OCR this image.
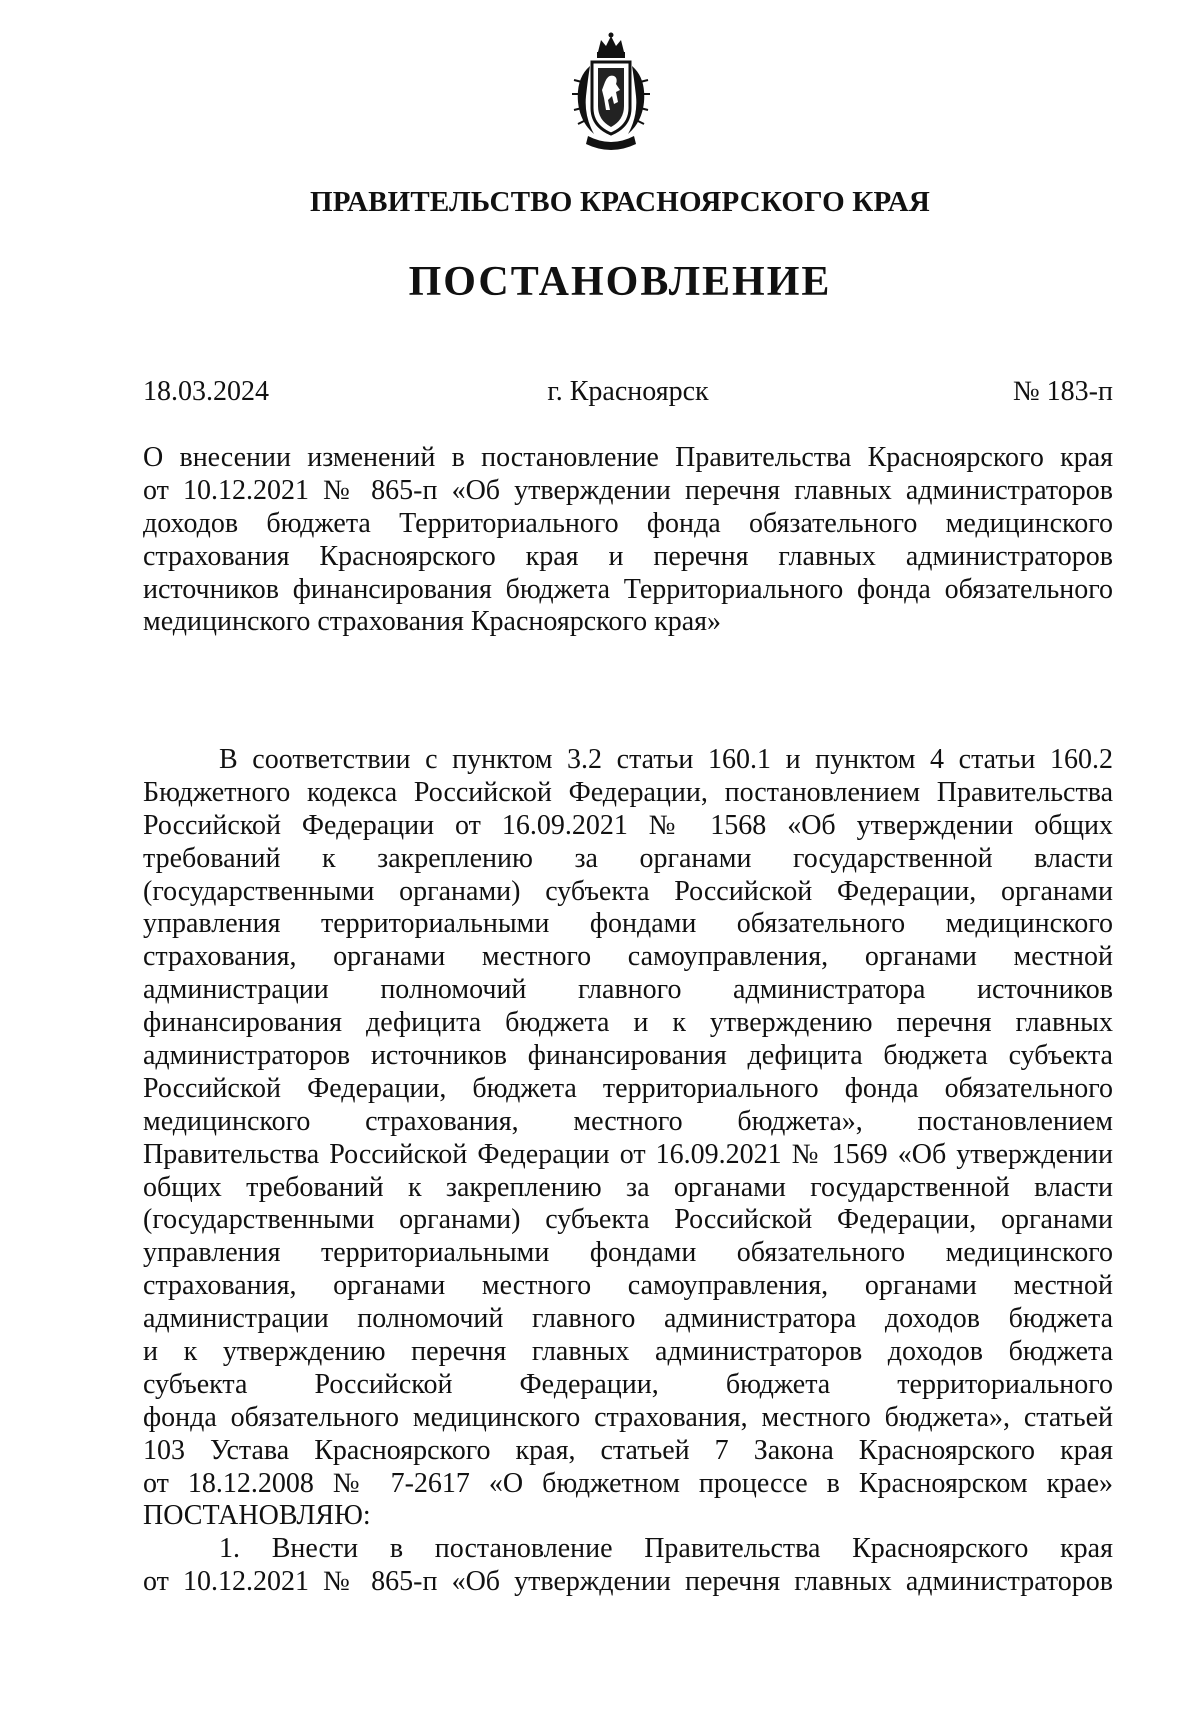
ПРАВИТЕЛЬСТВО КРАСНОЯРСКОГО КРАЯ
ПОСТАНОВЛЕНИЕ
18.03.2024	г. Красноярск	№ 183-п
О внесении изменений в постановление Правительства Красноярского края
от 10.12.2021 № 865-п «Об утверждении перечня главных администраторов
доходов бюджета Территориального фонда обязательного медицинского
страхования Красноярского края и перечня главных администраторов
источников финансирования бюджета Территориального фонда обязательного
медицинского страхования Красноярского края»
В соответствии с пунктом 3.2 статьи 160.1 и пунктом 4 статьи 160.2
Бюджетного кодекса Российской Федерации, постановлением Правительства
Российской Федерации от 16.09.2021 № 1568 «Об утверждении общих
требований к закреплению за органами государственной власти
(государственными органами) субъекта Российской Федерации, органами
управления территориальными фондами обязательного медицинского
страхования, органами местного самоуправления, органами местной
администрации полномочий главного администратора источников
финансирования дефицита бюджета и к утверждению перечня главных
администраторов источников финансирования дефицита бюджета субъекта
Российской Федерации, бюджета территориального фонда обязательного
медицинского страхования, местного бюджета», постановлением
Правительства Российской Федерации от 16.09.2021 № 1569 «Об утверждении
общих требований к закреплению за органами государственной власти
(государственными органами) субъекта Российской Федерации, органами
управления территориальными фондами обязательного медицинского
страхования, органами местного самоуправления, органами местной
администрации полномочий главного администратора доходов бюджета
и к утверждению перечня главных администраторов доходов бюджета
субъекта Российской Федерации, бюджета территориального
фонда обязательного медицинского страхования, местного бюджета», статьей
103 Устава Красноярского края, статьей 7 Закона Красноярского края
от 18.12.2008 № 7-2617 «О бюджетном процессе в Красноярском крае»
ПОСТАНОВЛЯЮ:
1. Внести в постановление Правительства Красноярского края
от 10.12.2021 № 865-п «Об утверждении перечня главных администраторов
